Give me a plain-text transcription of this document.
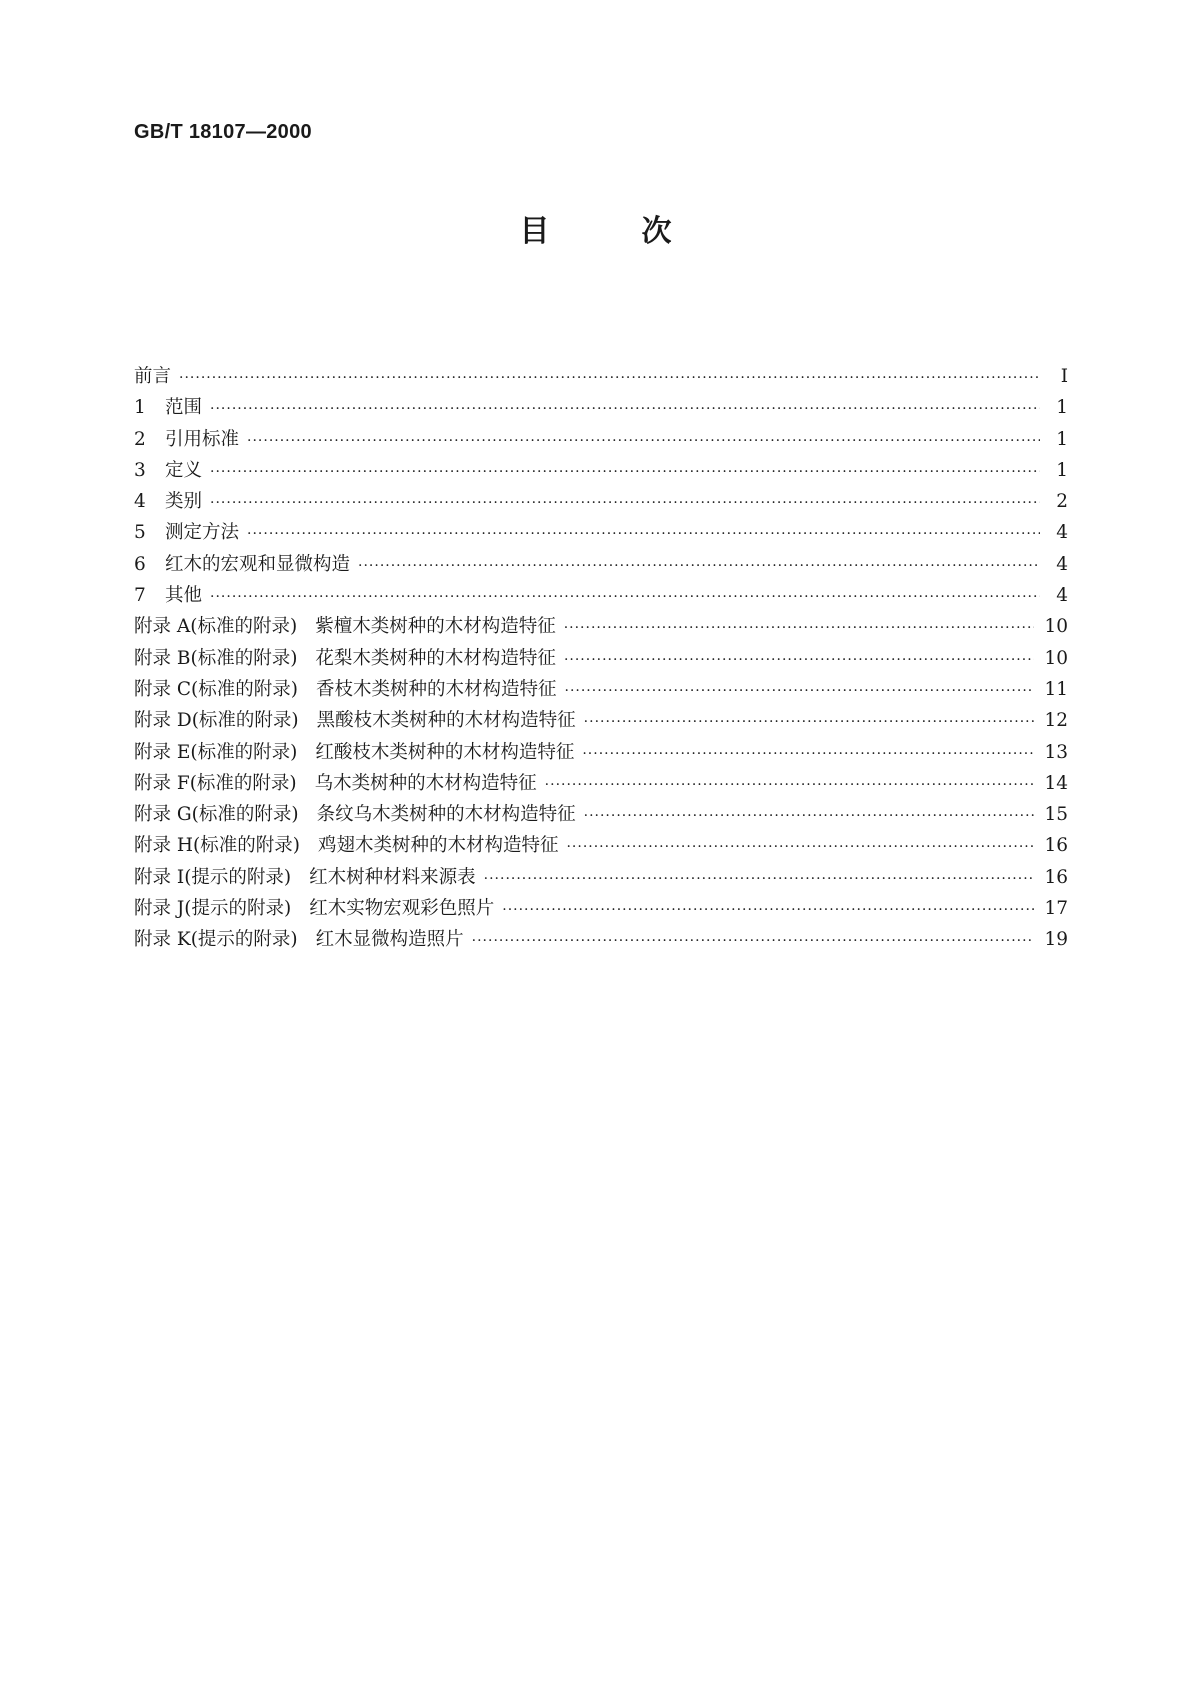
GB/T 18107—2000
目	次
前言 ·····	I
1	范围 ·····	1
2	引用标准 ·····	1
3	定义 ·····	1
4	类别 ·····	2
5	测定方法 ·····	4
6	红木的宏观和显微构造 ·····	4
7	其他 ·····	4
附录 A(标准的附录) 紫檀木类树种的木材构造特征 ·····	10
附录 B(标准的附录) 花梨木类树种的木材构造特征 ·····	10
附录 C(标准的附录) 香枝木类树种的木材构造特征 ·····	11
附录 D(标准的附录) 黑酸枝木类树种的木材构造特征 ·····	12
附录 E(标准的附录) 红酸枝木类树种的木材构造特征 ·····	13
附录 F(标准的附录) 乌木类树种的木材构造特征 ·····	14
附录 G(标准的附录) 条纹乌木类树种的木材构造特征 ·····	15
附录 H(标准的附录) 鸡翅木类树种的木材构造特征 ·····	16
附录 I(提示的附录) 红木树种材料来源表 ·····	16
附录 J(提示的附录) 红木实物宏观彩色照片 ·····	17
附录 K(提示的附录) 红木显微构造照片 ·····	19
